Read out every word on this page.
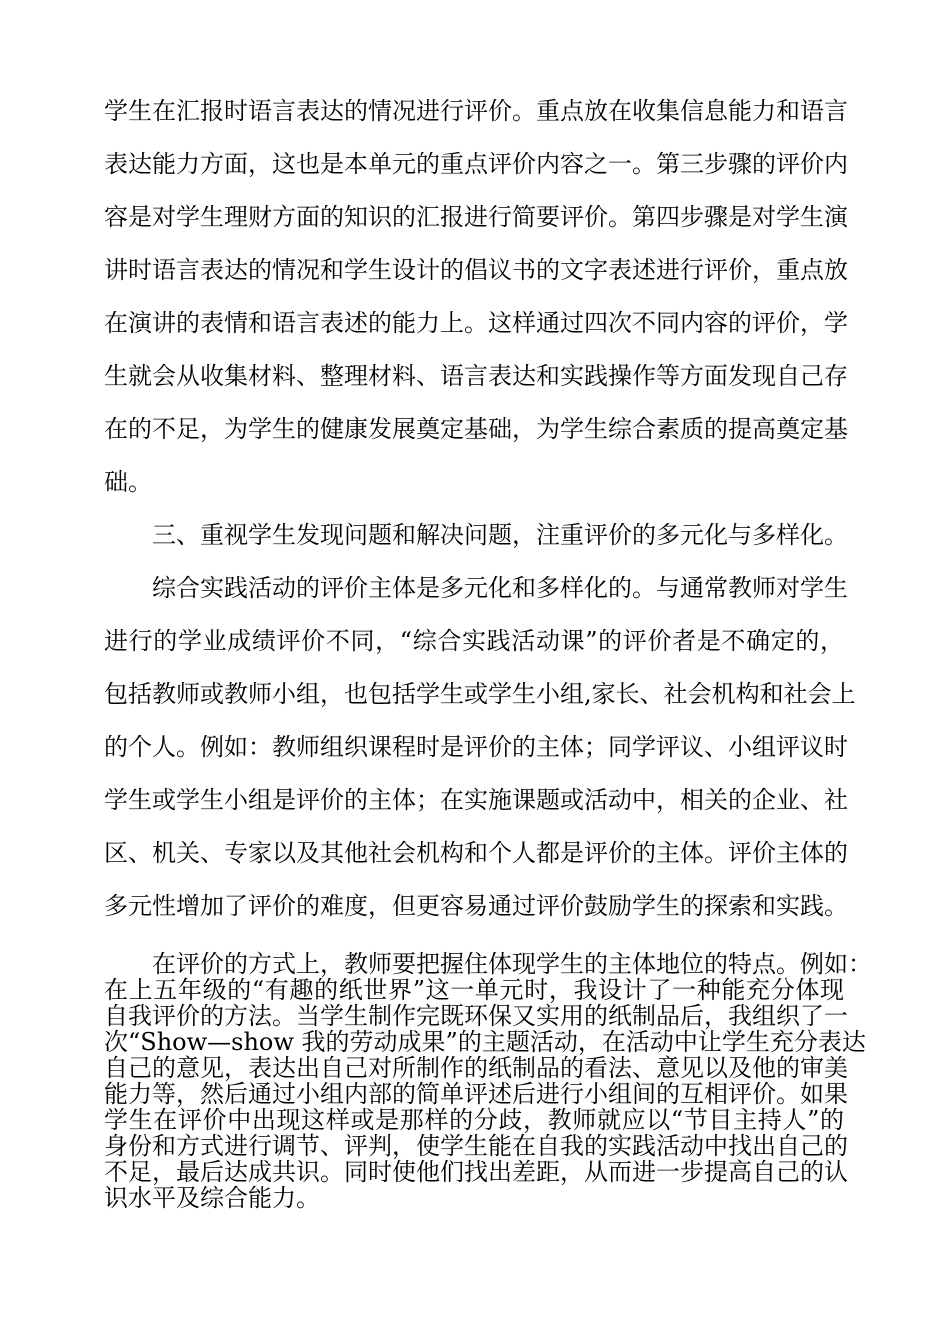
学生在汇报时语言表达的情况进行评价。重点放在收集信息能力和语言
表达能力方面，这也是本单元的重点评价内容之一。第三步骤的评价内
容是对学生理财方面的知识的汇报进行简要评价。第四步骤是对学生演
讲时语言表达的情况和学生设计的倡议书的文字表述进行评价，重点放
在演讲的表情和语言表述的能力上。这样通过四次不同内容的评价，学
生就会从收集材料、整理材料、语言表达和实践操作等方面发现自己存
在的不足，为学生的健康发展奠定基础，为学生综合素质的提高奠定基
础。
三、重视学生发现问题和解决问题，注重评价的多元化与多样化。
综合实践活动的评价主体是多元化和多样化的。与通常教师对学生
进行的学业成绩评价不同，“综合实践活动课”的评价者是不确定的，
包括教师或教师小组，也包括学生或学生小组,家长、社会机构和社会上
的个人。例如：教师组织课程时是评价的主体；同学评议、小组评议时
学生或学生小组是评价的主体；在实施课题或活动中，相关的企业、社
区、机关、专家以及其他社会机构和个人都是评价的主体。评价主体的
多元性增加了评价的难度，但更容易通过评价鼓励学生的探索和实践。
在评价的方式上，教师要把握住体现学生的主体地位的特点。例如：
在上五年级的“有趣的纸世界”这一单元时，我设计了一种能充分体现
自我评价的方法。当学生制作完既环保又实用的纸制品后，我组织了一
次“Show—show 我的劳动成果”的主题活动，在活动中让学生充分表达
自己的意见，表达出自己对所制作的纸制品的看法、意见以及他的审美
能力等，然后通过小组内部的简单评述后进行小组间的互相评价。如果
学生在评价中出现这样或是那样的分歧，教师就应以“节目主持人”的
身份和方式进行调节、评判，使学生能在自我的实践活动中找出自己的
不足，最后达成共识。同时使他们找出差距，从而进一步提高自己的认
识水平及综合能力。
